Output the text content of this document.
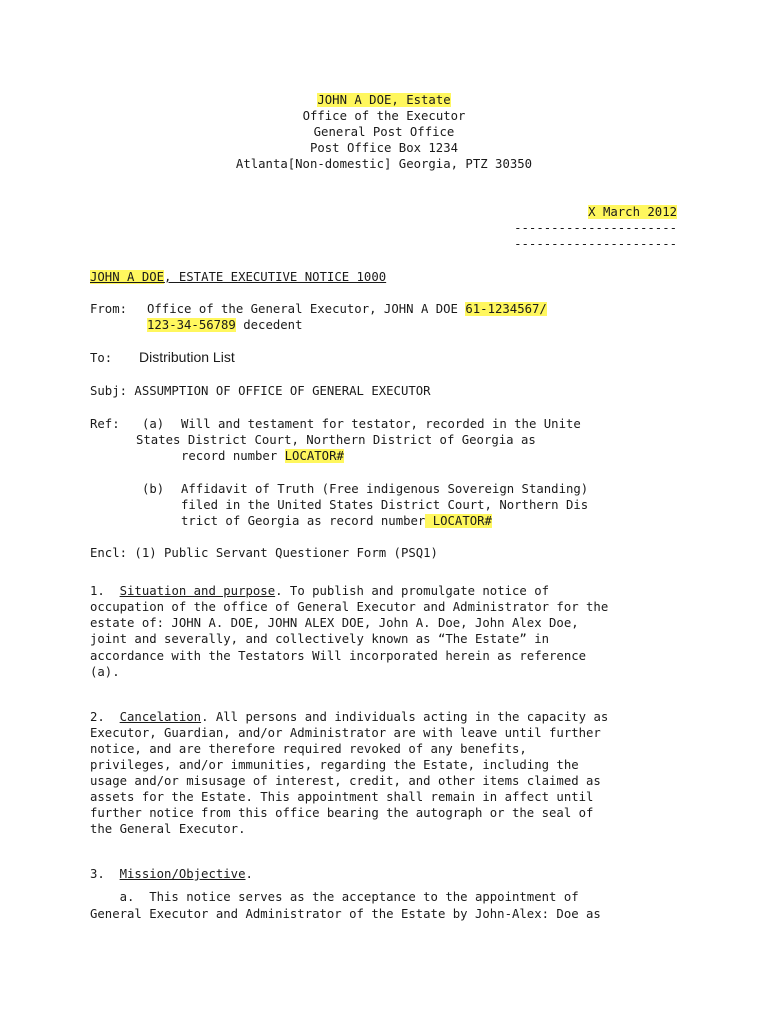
JOHN A DOE, Estate
Office of the Executor
General Post Office
Post Office Box 1234
Atlanta[Non-domestic] Georgia, PTZ 30350
X March 2012
----------------------
----------------------
JOHN A DOE, ESTATE EXECUTIVE NOTICE 1000
From: Office of the General Executor, JOHN A DOE 61-1234567/
123-34-56789 decedent
To: Distribution List
Subj: ASSUMPTION OF OFFICE OF GENERAL EXECUTOR
Ref: (a) Will and testament for testator, recorded in the Unite
States District Court, Northern District of Georgia as
record number LOCATOR#
(b) Affidavit of Truth (Free indigenous Sovereign Standing)
filed in the United States District Court, Northern Dis
trict of Georgia as record number LOCATOR#
Encl: (1) Public Servant Questioner Form (PSQ1)
1.  Situation and purpose. To publish and promulgate notice of
occupation of the office of General Executor and Administrator for the
estate of: JOHN A. DOE, JOHN ALEX DOE, John A. Doe, John Alex Doe,
joint and severally, and collectively known as “The Estate” in
accordance with the Testators Will incorporated herein as reference
(a).
2.  Cancelation. All persons and individuals acting in the capacity as
Executor, Guardian, and/or Administrator are with leave until further
notice, and are therefore required revoked of any benefits,
privileges, and/or immunities, regarding the Estate, including the
usage and/or misusage of interest, credit, and other items claimed as
assets for the Estate. This appointment shall remain in affect until
further notice from this office bearing the autograph or the seal of
the General Executor.
3.  Mission/Objective.
a.  This notice serves as the acceptance to the appointment of
General Executor and Administrator of the Estate by John-Alex: Doe as
